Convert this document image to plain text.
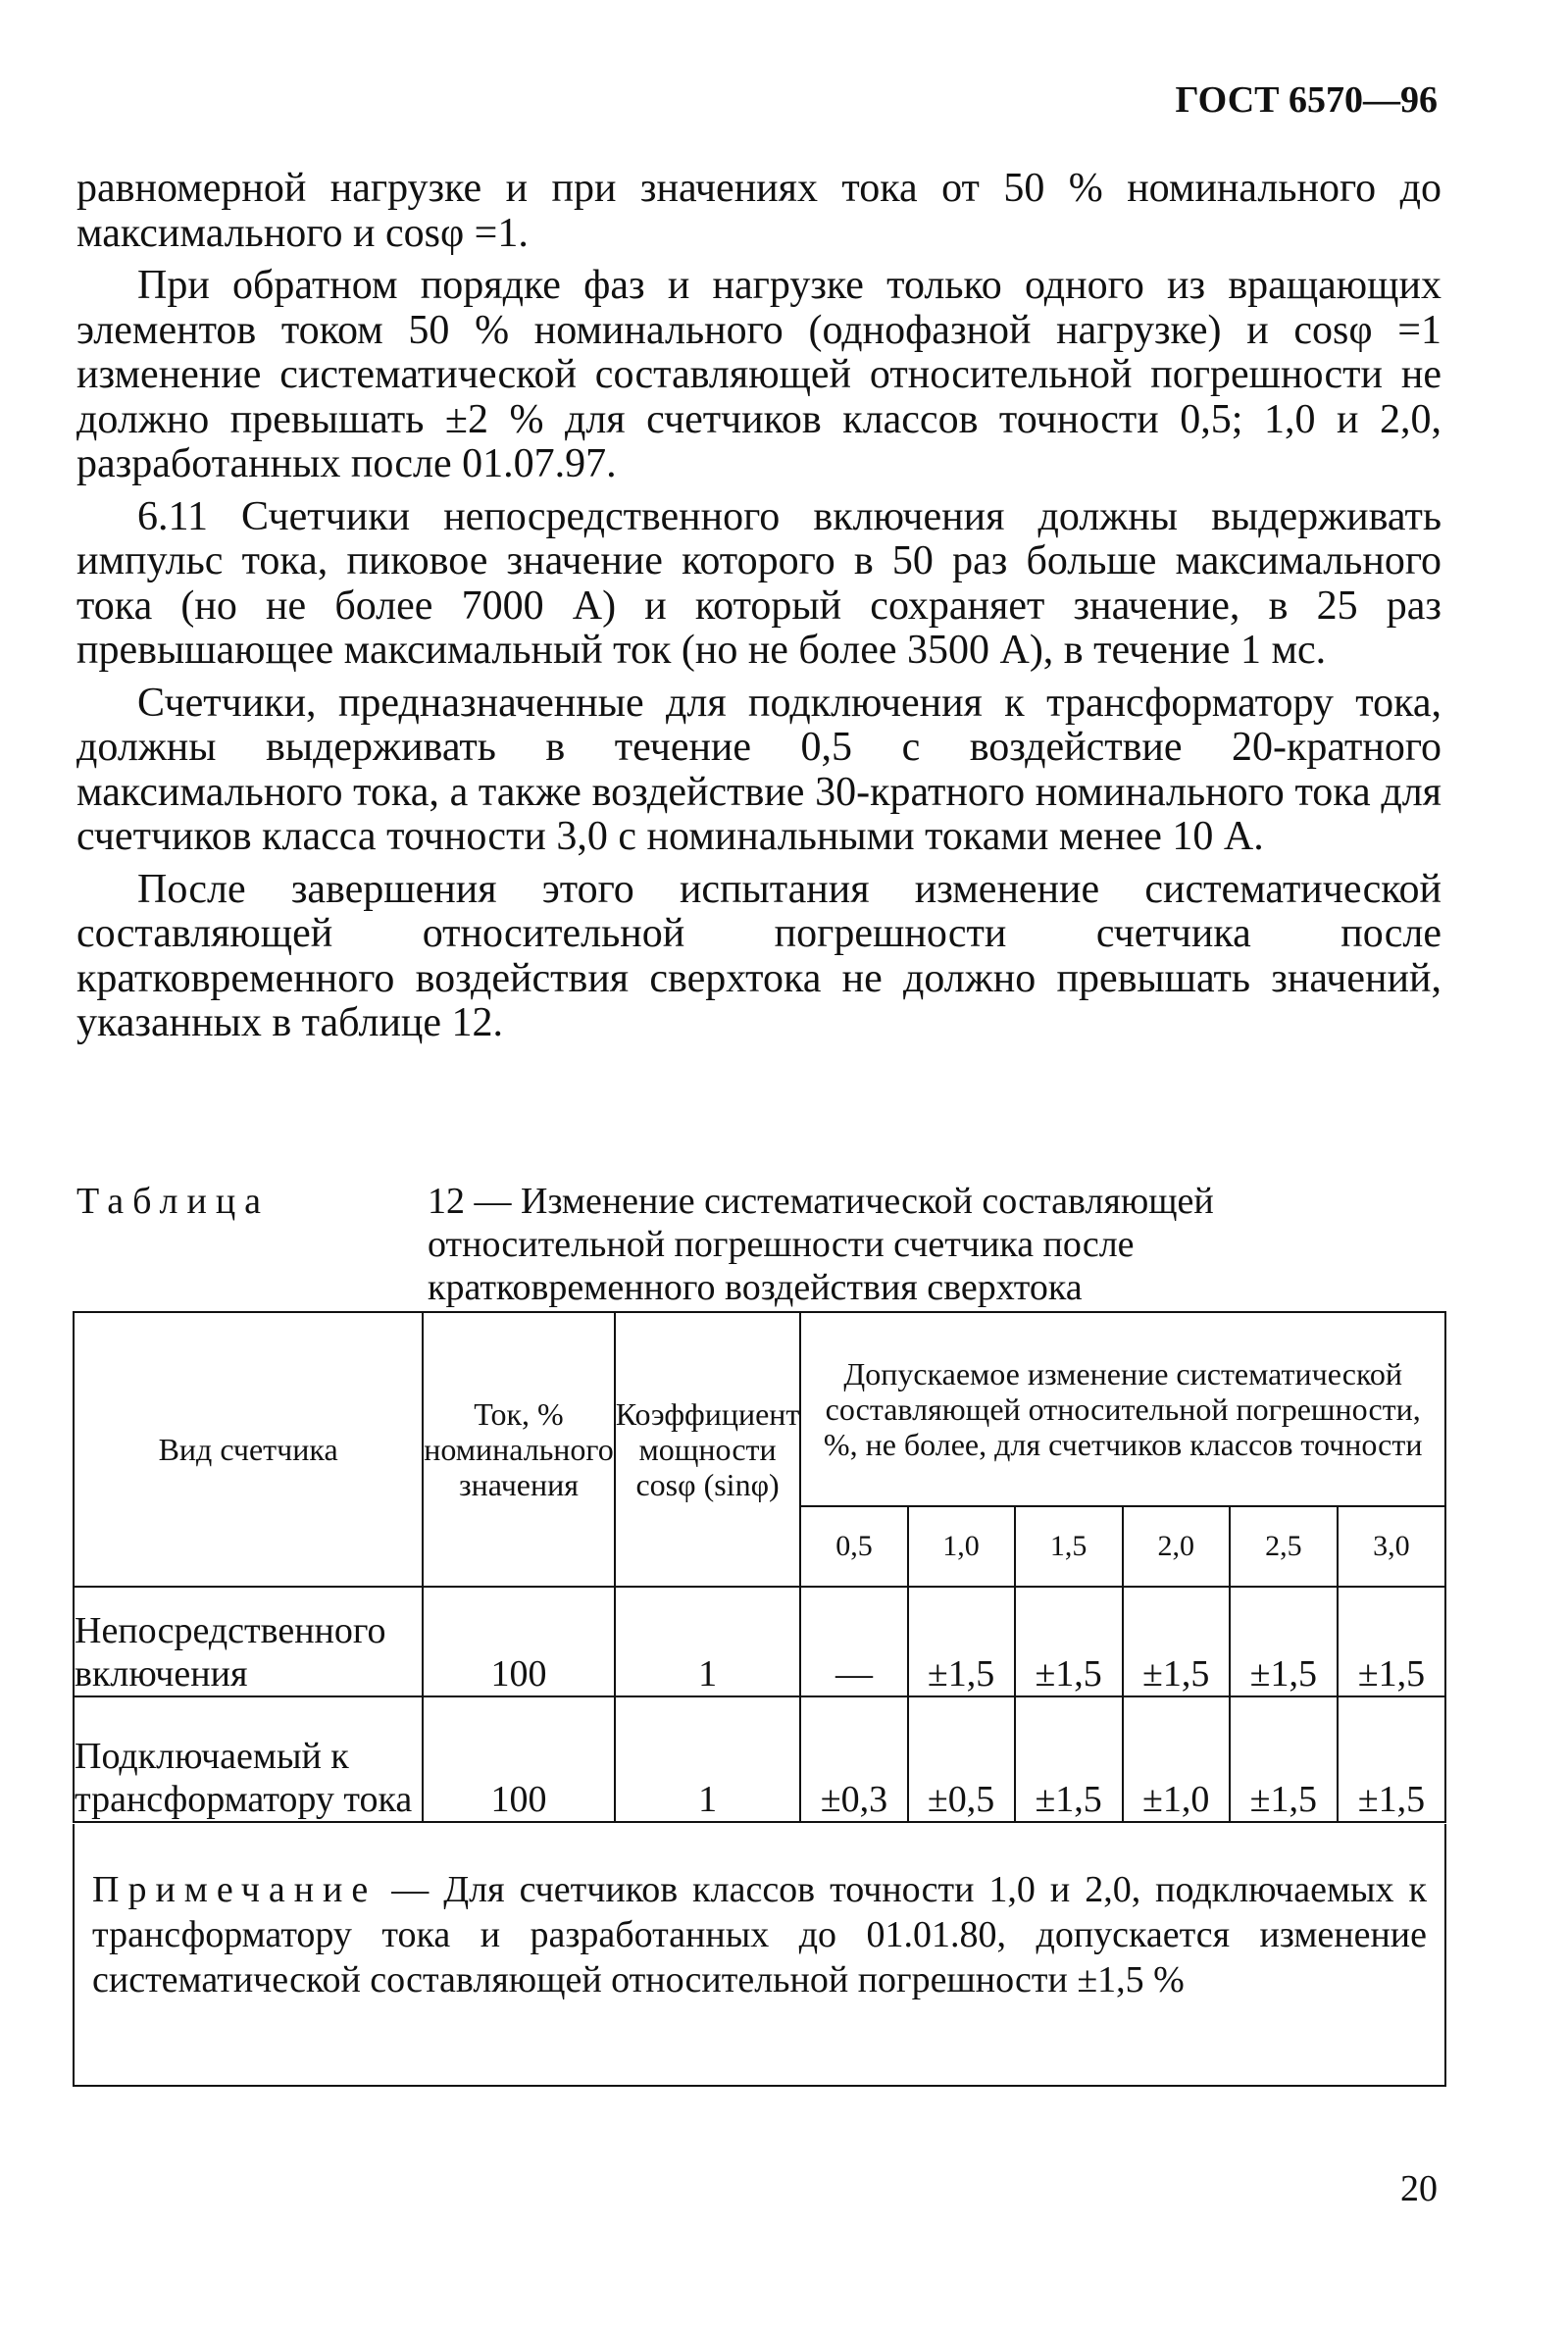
ГОСТ 6570—96

равномерной нагрузке и при значениях тока от 50 % номинального до максимального и cosφ =1.

При обратном порядке фаз и нагрузке только одного из вращающих элементов током 50 % номинального (однофазной нагрузке) и cosφ =1 изменение систематической составляющей относительной погрешности не должно превышать ±2 % для счетчиков классов точности 0,5; 1,0 и 2,0, разработанных после 01.07.97.

6.11 Счетчики непосредственного включения должны выдерживать импульс тока, пиковое значение которого в 50 раз больше максимального тока (но не более 7000 А) и который сохраняет значение, в 25 раз превышающее максимальный ток (но не более 3500 А), в течение 1 мс.

Счетчики, предназначенные для подключения к трансформатору тока, должны выдерживать в течение 0,5 с воздействие 20-кратного максимального тока, а также воздействие 30-кратного номинального тока для счетчиков класса точности 3,0 с номинальными токами менее 10 А.

После завершения этого испытания изменение систематической составляющей относительной погрешности счетчика после кратковременного воздействия сверхтока не должно превышать значений, указанных в таблице 12.

Таблица	12 — Изменение систематической составляющей относительной погрешности счетчика после кратковременного воздействия сверхтока
Вид счетчика	Ток, % номинального значения	Коэффициент мощности cosφ (sinφ)	Допускаемое изменение систематической составляющей относительной погрешности, %, не более, для счетчиков классов точности					
			0,5	1,0	1,5	2,0	2,5	3,0
Непосредственного включения	100	1	—	±1,5	±1,5	±1,5	±1,5	±1,5
Подключаемый к трансформатору тока	100	1	±0,3	±0,5	±1,5	±1,0	±1,5	±1,5

Примечание — Для счетчиков классов точности 1,0 и 2,0, подключаемых к трансформатору тока и разработанных до 01.01.80, допускается изменение систематической составляющей относительной погрешности ±1,5 %

20
